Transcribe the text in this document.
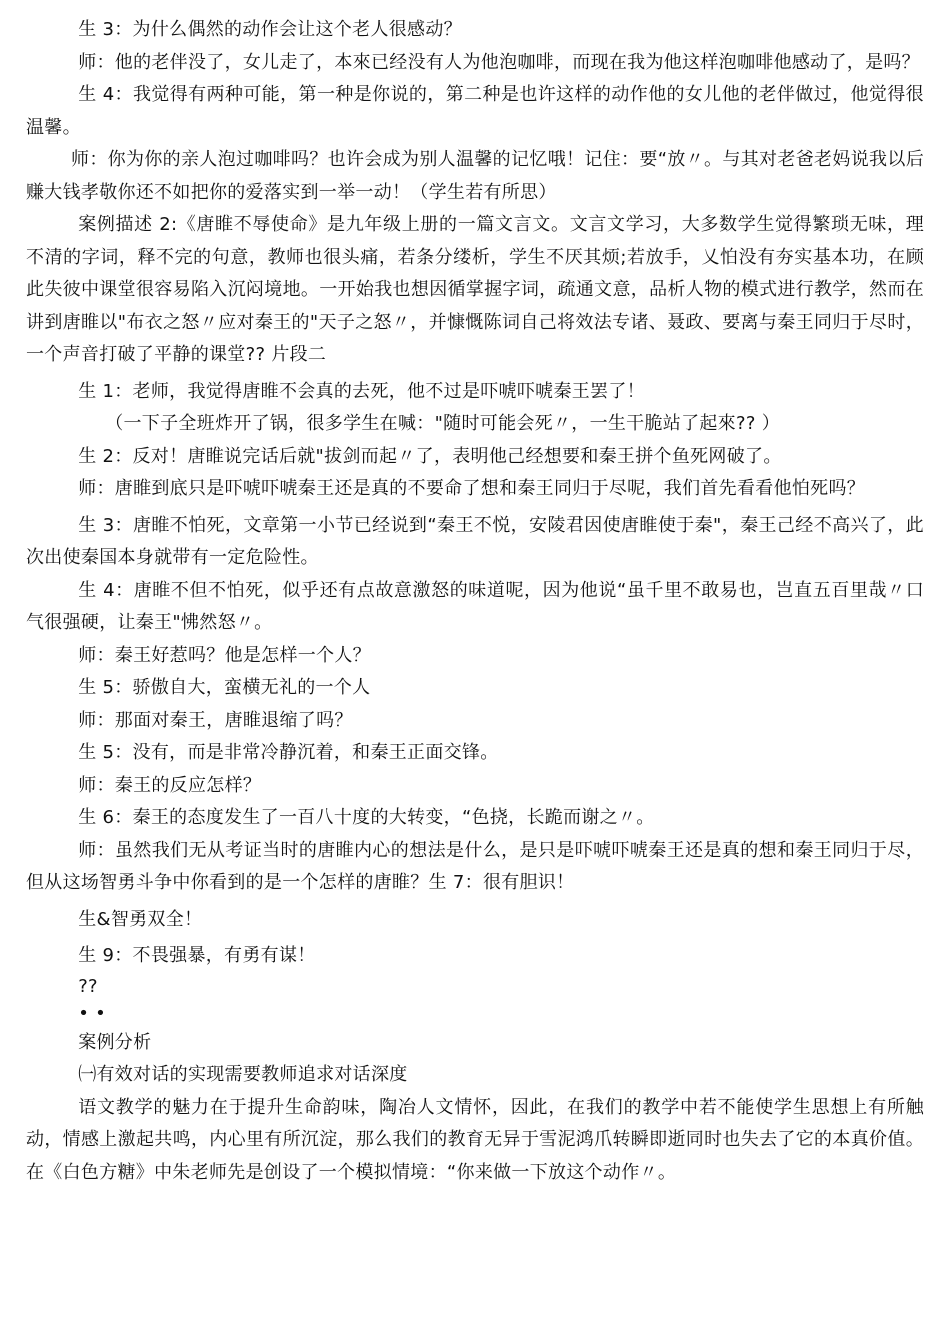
生 3：为什么偶然的动作会让这个老人很感动？

师：他的老伴没了，女儿走了，本來已经没有人为他泡咖啡，而现在我为他这样泡咖啡他感动了，是吗？

生 4：我觉得有两种可能，第一种是你说的，第二种是也许这样的动作他的女儿他的老伴做过，他觉得很温馨。

师：你为你的亲人泡过咖啡吗？也许会成为别人温馨的记忆哦！记住：要“放〃。与其对老爸老妈说我以后赚大钱孝敬你还不如把你的爱落实到一举一动！（学生若有所思）

案例描述 2:《唐睢不辱使命》是九年级上册的一篇文言文。文言文学习，大多数学生觉得繁琐无味，理不清的字词，释不完的句意，教师也很头痛，若条分缕析，学生不厌其烦;若放手，乂怕没有夯实基本功，在顾此失彼中课堂很容易陷入沉闷境地。一开始我也想因循掌握字词，疏通文意，品析人物的模式进行教学，然而在讲到唐睢以"布衣之怒〃应对秦王的"天子之怒〃，并慷慨陈词自己将效法专诸、聂政、要离与秦王同归于尽时，一个声音打破了平静的课堂?? 片段二

生 1：老师，我觉得唐睢不会真的去死，他不过是吓唬吓唬秦王罢了！

（一下子全班炸开了锅，很多学生在喊："随时可能会死〃，一生干脆站了起來?? ）

生 2：反对！唐睢说完话后就"拔剑而起〃了，表明他己经想要和秦王拼个鱼死网破了。

师：唐睢到底只是吓唬吓唬秦王还是真的不要命了想和秦王同归于尽呢，我们首先看看他怕死吗？

生 3：唐睢不怕死，文章第一小节已经说到“秦王不悦，安陵君因使唐睢使于秦"，秦王己经不高兴了，此次出使秦国本身就带有一定危险性。

生 4：唐睢不但不怕死，似乎还有点故意激怒的味道呢，因为他说“虽千里不敢易也，岂直五百里哉〃口气很强硬，让秦王"怫然怒〃。

师：秦王好惹吗？他是怎样一个人？

生 5：骄傲自大，蛮横无礼的一个人

师：那面对秦王，唐睢退缩了吗？

生 5：没有，而是非常冷静沉着，和秦王正面交锋。

师：秦王的反应怎样？

生 6：秦王的态度发生了一百八十度的大转变，“色挠，长跪而谢之〃。

师：虽然我们无从考证当时的唐睢内心的想法是什么，是只是吓唬吓唬秦王还是真的想和秦王同归于尽，但从这场智勇斗争中你看到的是一个怎样的唐睢？生 7：很有胆识！

生&智勇双全！

生 9：不畏强暴，有勇有谋！

??

• •

案例分析

㈠有效对话的实现需要教师追求对话深度

语文教学的魅力在于提升生命韵味，陶冶人文情怀，因此，在我们的教学中若不能使学生思想上有所触动，情感上激起共鸣，内心里有所沉淀，那么我们的教育无异于雪泥鸿爪转瞬即逝同时也失去了它的本真价值。在《白色方糖》中朱老师先是创设了一个模拟情境：“你来做一下放这个动作〃。
